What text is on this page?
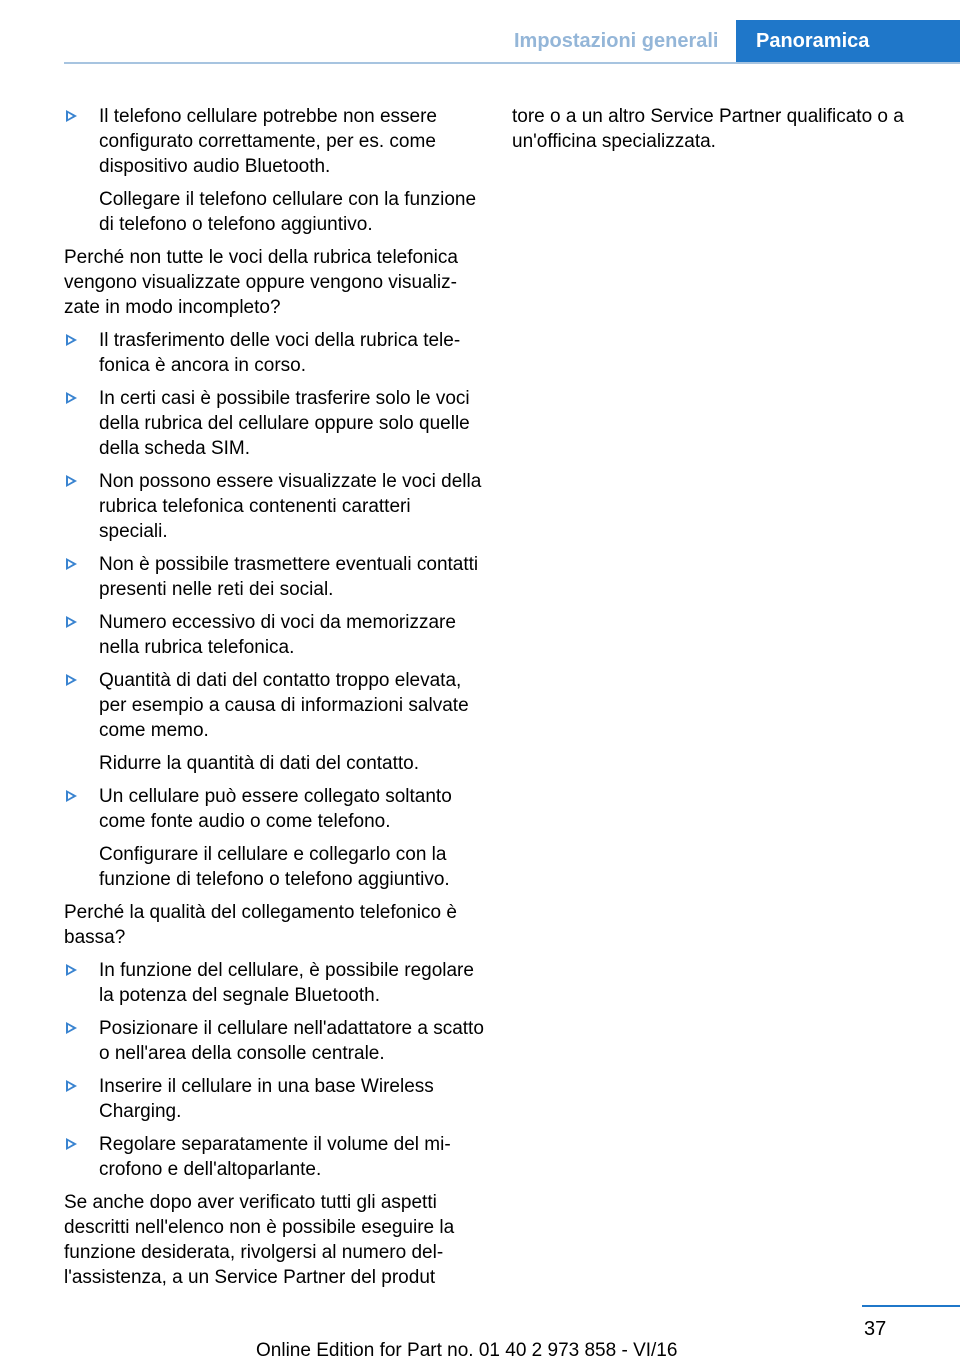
Impostazioni generali	Panoramica
Il telefono cellulare potrebbe non essere configurato correttamente, per es. come dispositivo audio Bluetooth.
Collegare il telefono cellulare con la funzione di telefono o telefono aggiuntivo.
Perché non tutte le voci della rubrica telefonica vengono visualizzate oppure vengono visualizzate in modo incompleto?
Il trasferimento delle voci della rubrica telefonica è ancora in corso.
In certi casi è possibile trasferire solo le voci della rubrica del cellulare oppure solo quelle della scheda SIM.
Non possono essere visualizzate le voci della rubrica telefonica contenenti caratteri speciali.
Non è possibile trasmettere eventuali contatti presenti nelle reti dei social.
Numero eccessivo di voci da memorizzare nella rubrica telefonica.
Quantità di dati del contatto troppo elevata, per esempio a causa di informazioni salvate come memo.
Ridurre la quantità di dati del contatto.
Un cellulare può essere collegato soltanto come fonte audio o come telefono.
Configurare il cellulare e collegarlo con la funzione di telefono o telefono aggiuntivo.
Perché la qualità del collegamento telefonico è bassa?
In funzione del cellulare, è possibile regolare la potenza del segnale Bluetooth.
Posizionare il cellulare nell'adattatore a scatto o nell'area della consolle centrale.
Inserire il cellulare in una base Wireless Charging.
Regolare separatamente il volume del microfono e dell'altoparlante.
Se anche dopo aver verificato tutti gli aspetti descritti nell'elenco non è possibile eseguire la funzione desiderata, rivolgersi al numero dell'assistenza, a un Service Partner del produt
tore o a un altro Service Partner qualificato o a un'officina specializzata.
37
Online Edition for Part no. 01 40 2 973 858 - VI/16
